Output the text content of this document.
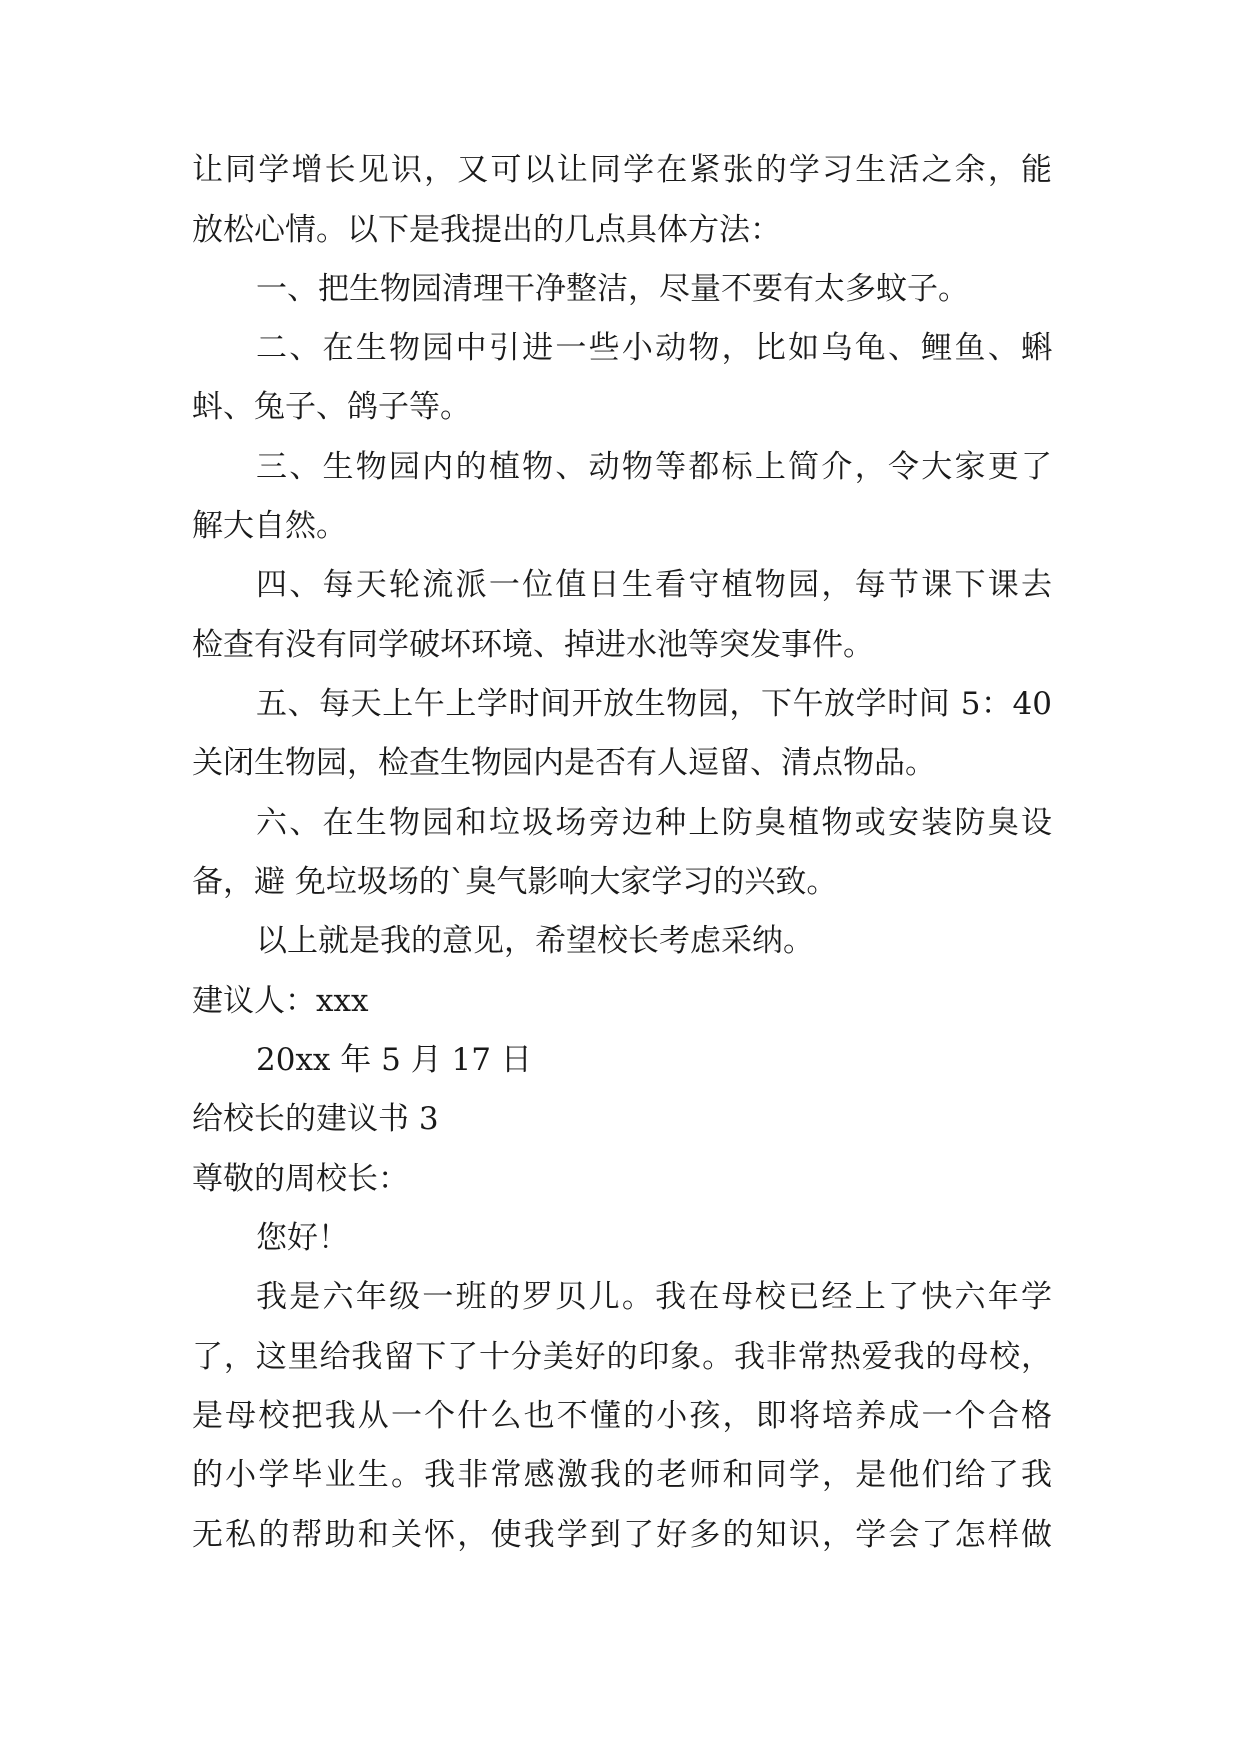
让同学增长见识，又可以让同学在紧张的学习生活之余，能
放松心情。以下是我提出的几点具体方法：
一、把生物园清理干净整洁，尽量不要有太多蚊子。
二、在生物园中引进一些小动物，比如乌龟、鲤鱼、蝌
蚪、兔子、鸽子等。
三、生物园内的植物、动物等都标上简介，令大家更了
解大自然。
四、每天轮流派一位值日生看守植物园，每节课下课去
检查有没有同学破坏环境、掉进水池等突发事件。
五、每天上午上学时间开放生物园，下午放学时间 5：40
关闭生物园，检查生物园内是否有人逗留、清点物品。
六、在生物园和垃圾场旁边种上防臭植物或安装防臭设
备，避 免垃圾场的`臭气影响大家学习的兴致。
以上就是我的意见，希望校长考虑采纳。
建议人：xxx
20xx 年 5 月 17 日
给校长的建议书 3
尊敬的周校长：
您好！
我是六年级一班的罗贝儿。我在母校已经上了快六年学
了，这里给我留下了十分美好的印象。我非常热爱我的母校，
是母校把我从一个什么也不懂的小孩，即将培养成一个合格
的小学毕业生。我非常感激我的老师和同学，是他们给了我
无私的帮助和关怀，使我学到了好多的知识，学会了怎样做
